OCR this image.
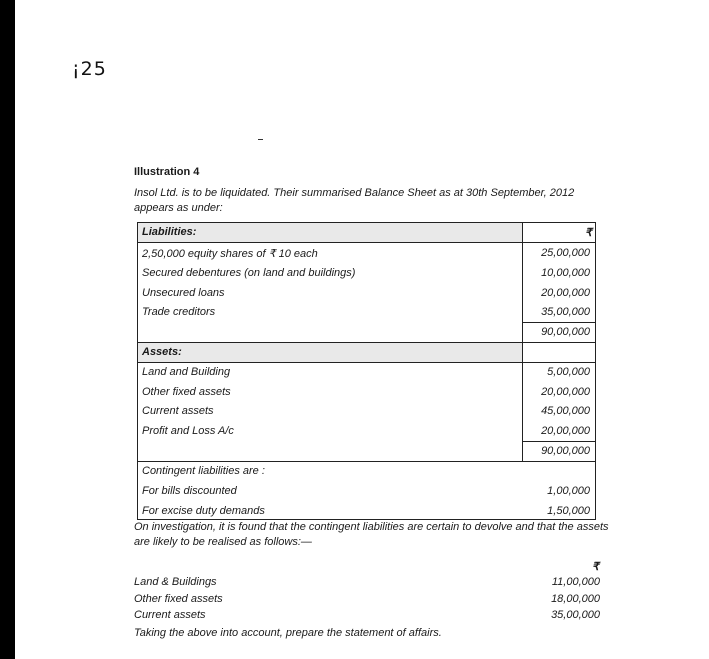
¡25
Illustration 4
Insol Ltd. is to be liquidated. Their summarised Balance Sheet as at 30th September, 2012 appears as under:
Liabilities:	₹
2,50,000 equity shares of ₹ 10 each	25,00,000
Secured debentures (on land and buildings)	10,00,000
Unsecured loans	20,00,000
Trade creditors	35,00,000
90,00,000
Assets:
Land and Building	5,00,000
Other fixed assets	20,00,000
Current assets	45,00,000
Profit and Loss A/c	20,00,000
90,00,000
Contingent liabilities are :
For bills discounted	1,00,000
For excise duty demands	1,50,000
On investigation, it is found that the contingent liabilities are certain to devolve and that the assets are likely to be realised as follows:—
₹
Land & Buildings	11,00,000
Other fixed assets	18,00,000
Current assets	35,00,000
Taking the above into account, prepare the statement of affairs.
